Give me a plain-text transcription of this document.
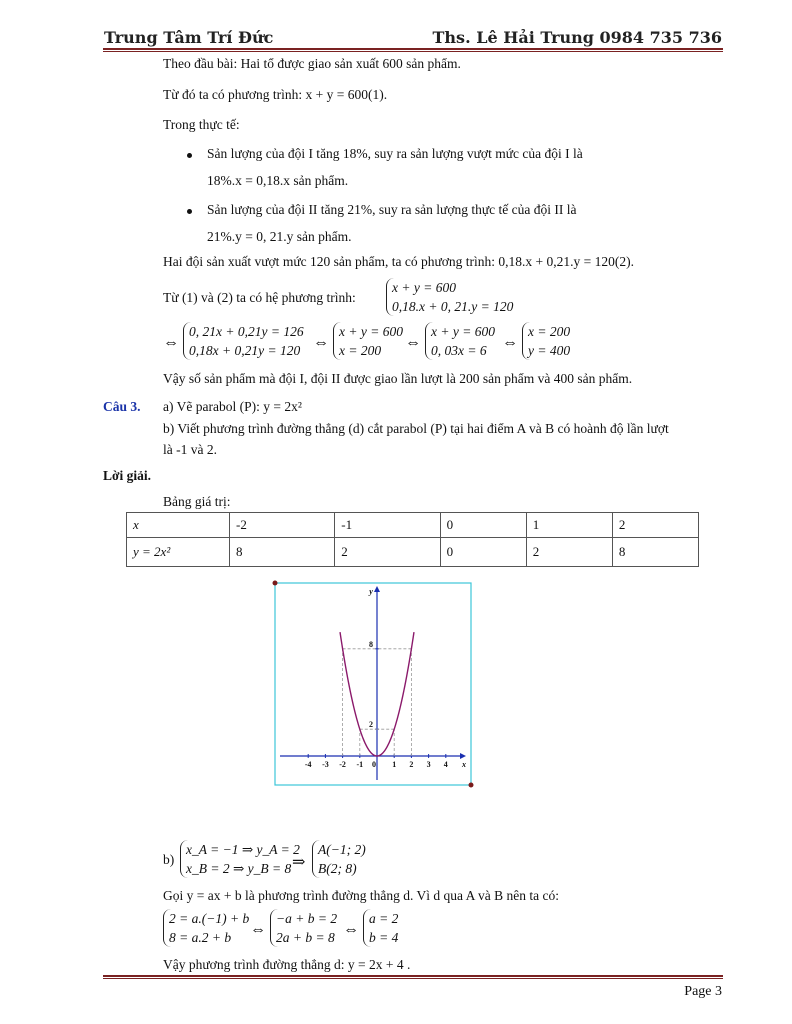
Trung Tâm Trí Đức	Ths. Lê Hải Trung 0984 735 736
Theo đầu bài: Hai tổ được giao sản xuất 600 sản phẩm.
Từ đó ta có phương trình: x + y = 600(1).
Trong thực tế:
Sản lượng của đội I tăng 18%, suy ra sản lượng vượt mức của đội I là
18%.x = 0,18.x sản phẩm.
Sản lượng của đội II tăng 21%, suy ra sản lượng thực tế của đội II là
21%.y = 0, 21.y sản phẩm.
Hai đội sản xuất vượt mức 120 sản phẩm, ta có phương trình: 0,18.x + 0,21.y = 120(2).
Từ (1) và (2) ta có hệ phương trình:
x + y = 600
0,18.x + 0, 21.y = 120
⇔
0, 21x + 0,21y = 126
0,18x + 0,21y = 120 ⇔
x + y = 600
x = 200	⇔
x + y = 600
0, 03x = 6 ⇔
x = 200
y = 400
Vậy số sản phẩm mà đội I, đội II được giao lần lượt là 200 sản phẩm và 400 sản phẩm.
Câu 3. a) Vẽ parabol (P): y = 2x²
b) Viết phương trình đường thẳng (d) cắt parabol (P) tại hai điểm A và B có hoành độ lần lượt
là -1 và 2.
Lời giải.
Bảng giá trị:
x	-2	-1	0	1	2
y = 2x²	8	2	0	2	8
-4 -3 -2 -1 0 1 2 3 4
2
8
x
y
b)
x_A = −1 ⇒ y_A = 2
x_B = 2 ⇒ y_B = 8 ⇒
A(−1; 2)
B(2; 8)
Gọi y = ax + b là phương trình đường thẳng d. Vì d qua A và B nên ta có:
2 = a.(−1) + b
8 = a.2 + b	⇔
−a + b = 2
2a + b = 8 ⇔
a = 2
b = 4
Vậy phương trình đường thẳng d: y = 2x + 4 .
Page 3
